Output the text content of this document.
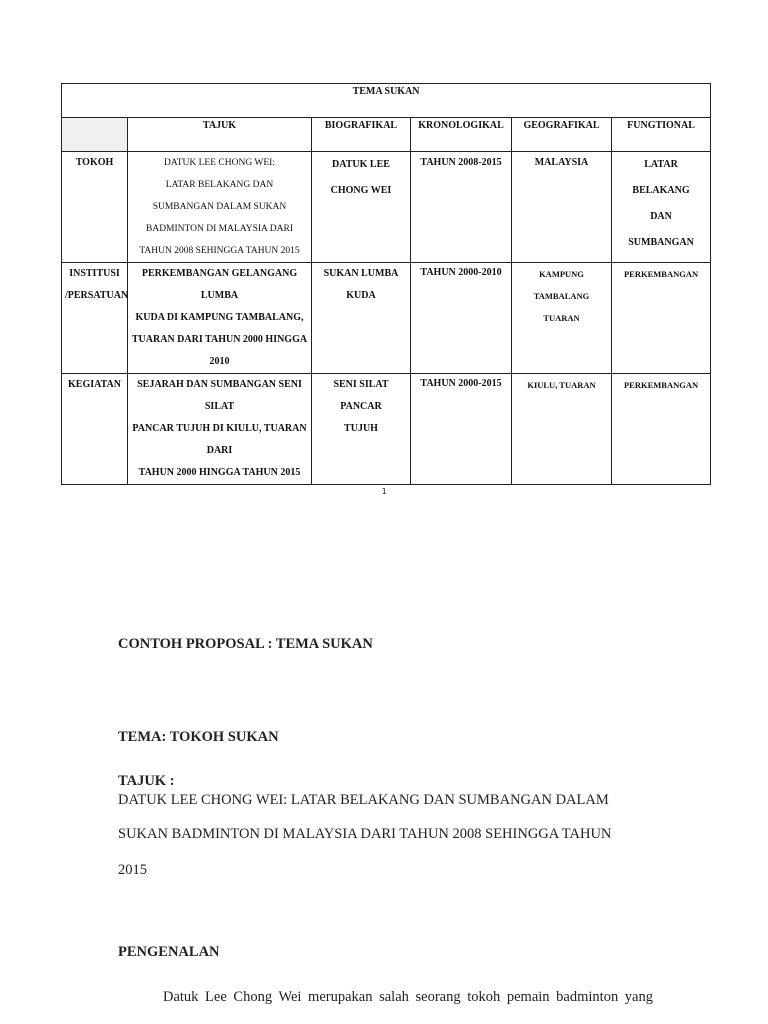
TEMA SUKAN					
	TAJUK	BIOGRAFIKAL	KRONOLOGIKAL	GEOGRAFIKAL	FUNGTIONAL
TOKOH	DATUK LEE CHONG WEI:
LATAR BELAKANG DAN
SUMBANGAN DALAM SUKAN
BADMINTON DI MALAYSIA DARI
TAHUN 2008 SEHINGGA TAHUN 2015	DATUK LEE
CHONG WEI	TAHUN 2008-2015	MALAYSIA	LATAR
BELAKANG
DAN
SUMBANGAN

INSTITUSI
/PERSATUAN	PERKEMBANGAN GELANGANG LUMBA
KUDA DI KAMPUNG TAMBALANG,
TUARAN DARI TAHUN 2000 HINGGA 2010	SUKAN LUMBA KUDA	TAHUN 2000-2010	KAMPUNG
TAMBALANG
TUARAN	PERKEMBANGAN

KEGIATAN	SEJARAH DAN SUMBANGAN SENI SILAT
PANCAR TUJUH DI KIULU, TUARAN DARI
TAHUN 2000 HINGGA TAHUN 2015	SENI SILAT PANCAR
TUJUH	TAHUN 2000-2015	KIULU, TUARAN	PERKEMBANGAN
1
CONTOH PROPOSAL : TEMA SUKAN
TEMA: TOKOH SUKAN
TAJUK :
DATUK LEE CHONG WEI: LATAR BELAKANG DAN SUMBANGAN DALAM
SUKAN BADMINTON DI MALAYSIA DARI TAHUN 2008 SEHINGGA TAHUN
2015
PENGENALAN
Datuk Lee Chong Wei merupakan salah seorang tokoh pemain badminton yang
